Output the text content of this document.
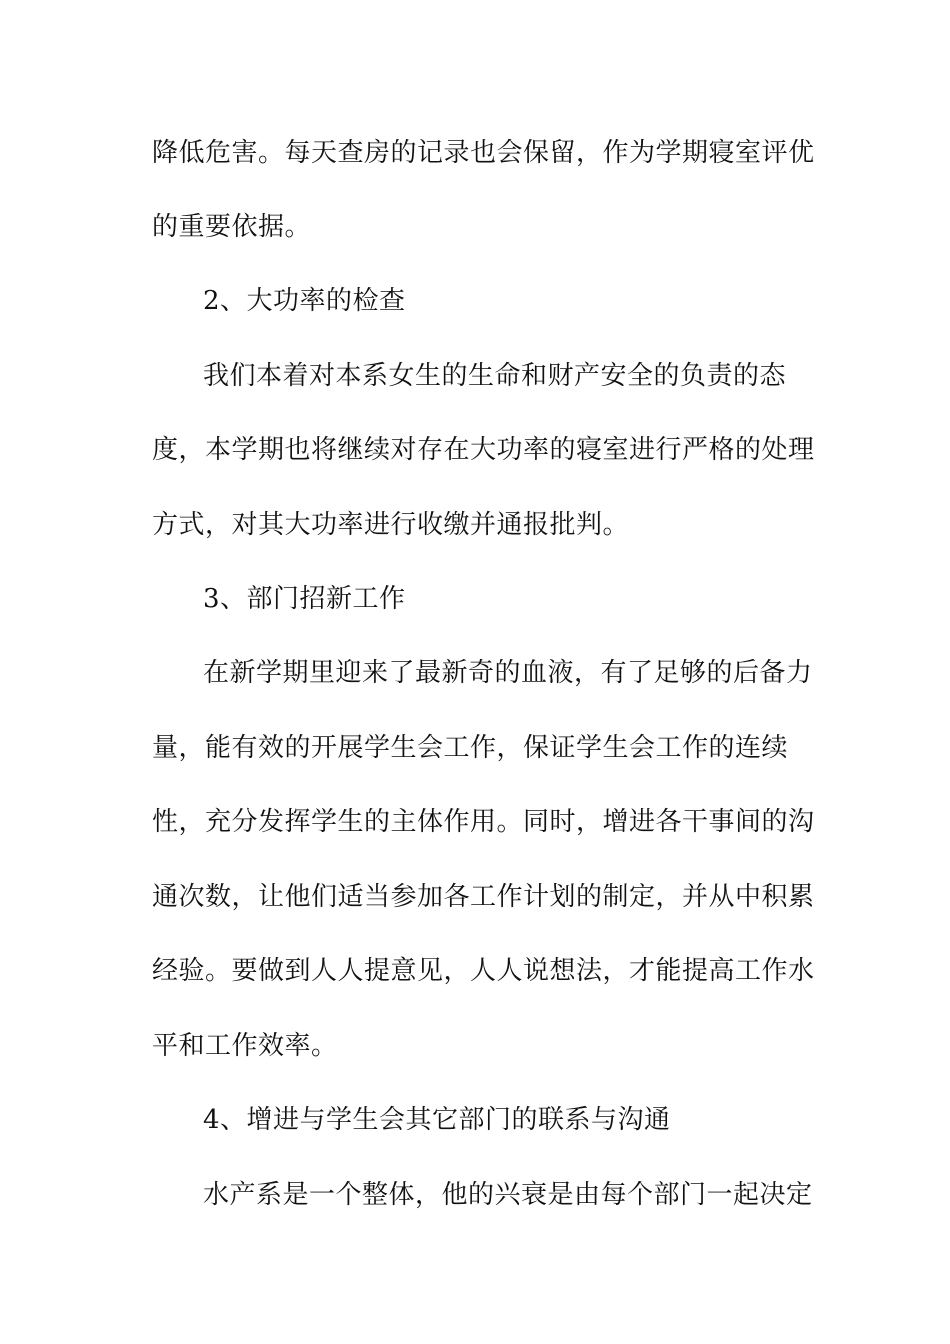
降低危害。每天查房的记录也会保留，作为学期寝室评优
的重要依据。
2、大功率的检查
我们本着对本系女生的生命和财产安全的负责的态
度，本学期也将继续对存在大功率的寝室进行严格的处理
方式，对其大功率进行收缴并通报批判。
3、部门招新工作
在新学期里迎来了最新奇的血液，有了足够的后备力
量，能有效的开展学生会工作，保证学生会工作的连续
性，充分发挥学生的主体作用。同时，增进各干事间的沟
通次数，让他们适当参加各工作计划的制定，并从中积累
经验。要做到人人提意见，人人说想法，才能提高工作水
平和工作效率。
4、增进与学生会其它部门的联系与沟通
水产系是一个整体，他的兴衰是由每个部门一起决定
